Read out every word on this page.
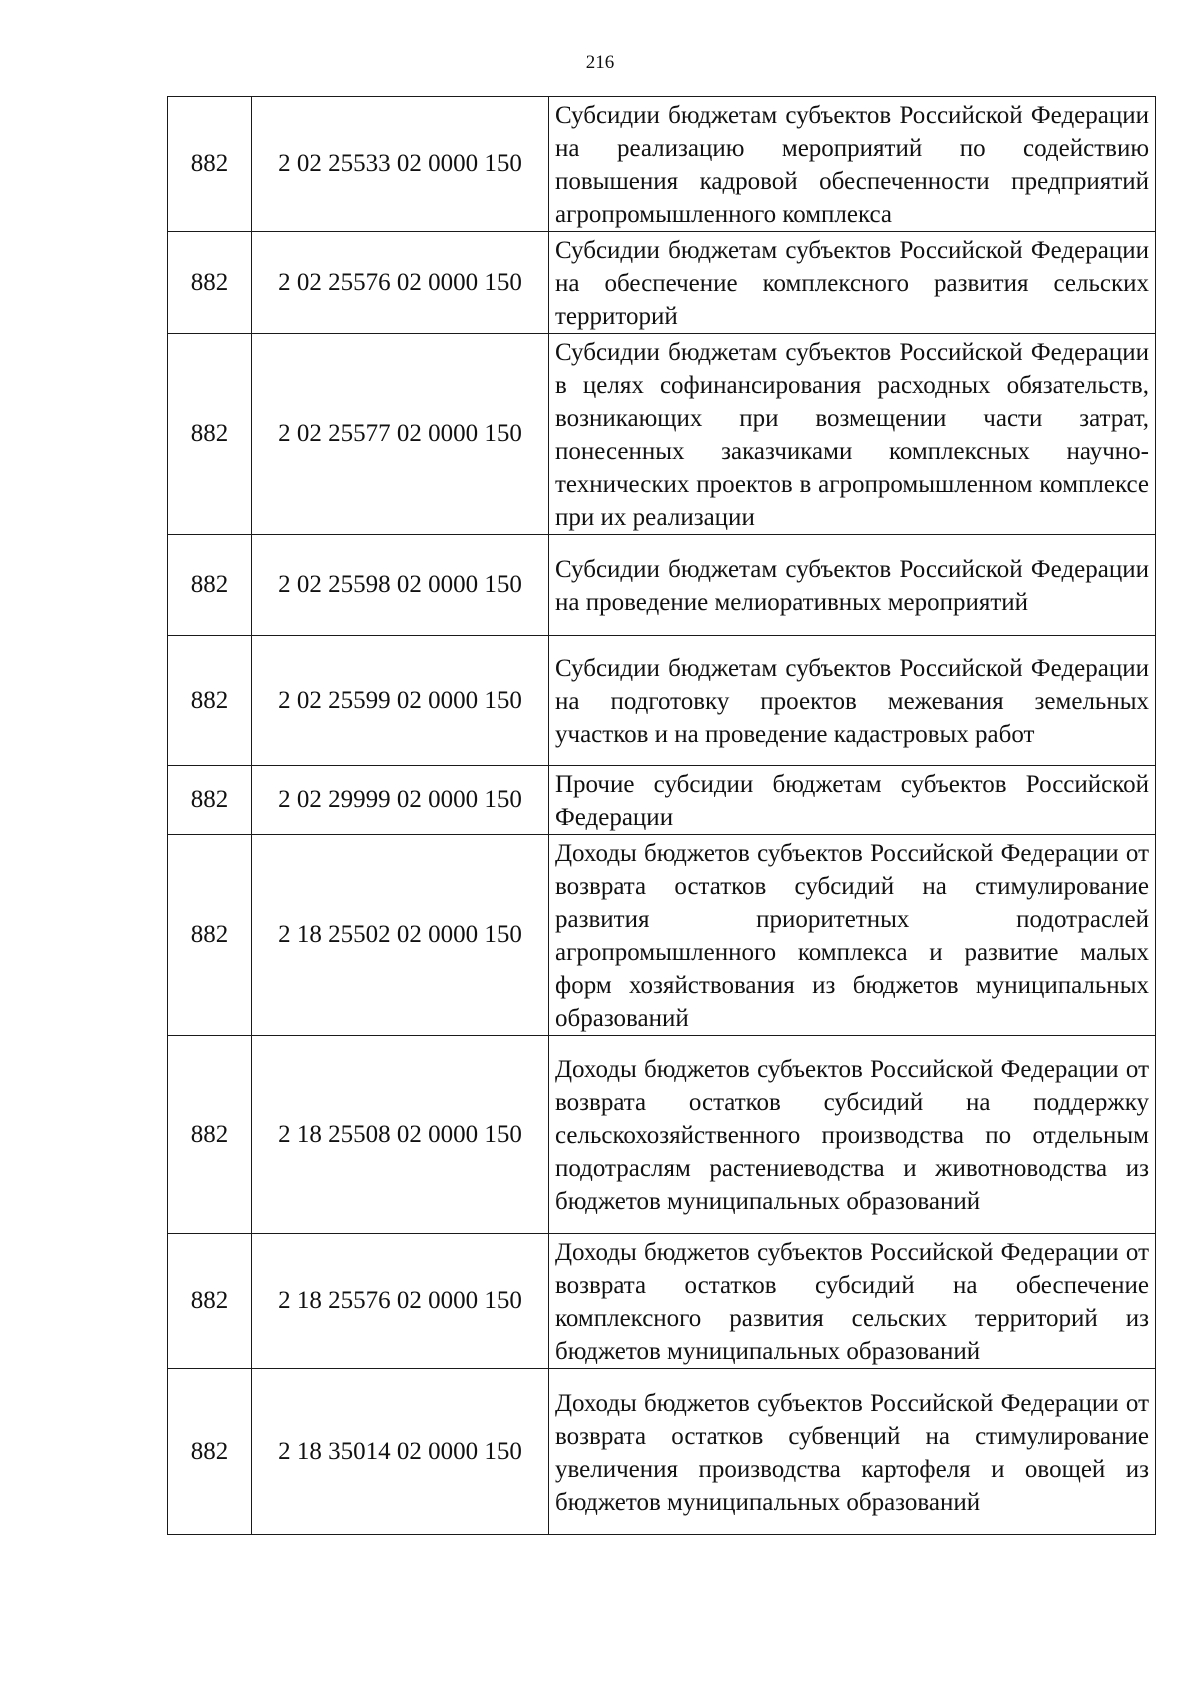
216
882	2 02 25533 02 0000 150	Субсидии бюджетам субъектов Российской Федерации на реализацию мероприятий по содействию повышения кадровой обеспеченности предприятий агропромышленного комплекса

882	2 02 25576 02 0000 150	Субсидии бюджетам субъектов Российской Федерации на обеспечение комплексного развития сельских территорий

882	2 02 25577 02 0000 150	Субсидии бюджетам субъектов Российской Федерации в целях софинансирования расходных обязательств, возникающих при возмещении части затрат, понесенных заказчиками комплексных научно-технических проектов в агропромышленном комплексе при их реализации

882	2 02 25598 02 0000 150	Субсидии бюджетам субъектов Российской Федерации на проведение мелиоративных мероприятий

882	2 02 25599 02 0000 150	Субсидии бюджетам субъектов Российской Федерации на подготовку проектов межевания земельных участков и на проведение кадастровых работ

882	2 02 29999 02 0000 150	Прочие субсидии бюджетам субъектов Российской Федерации

882	2 18 25502 02 0000 150	Доходы бюджетов субъектов Российской Федерации от возврата остатков субсидий на стимулирование развития приоритетных подотраслей агропромышленного комплекса и развитие малых форм хозяйствования из бюджетов муниципальных образований

882	2 18 25508 02 0000 150	Доходы бюджетов субъектов Российской Федерации от возврата остатков субсидий на поддержку сельскохозяйственного производства по отдельным подотраслям растениеводства и животноводства из бюджетов муниципальных образований

882	2 18 25576 02 0000 150	Доходы бюджетов субъектов Российской Федерации от возврата остатков субсидий на обеспечение комплексного развития сельских территорий из бюджетов муниципальных образований

882	2 18 35014 02 0000 150	Доходы бюджетов субъектов Российской Федерации от возврата остатков субвенций на стимулирование увеличения производства картофеля и овощей из бюджетов муниципальных образований
